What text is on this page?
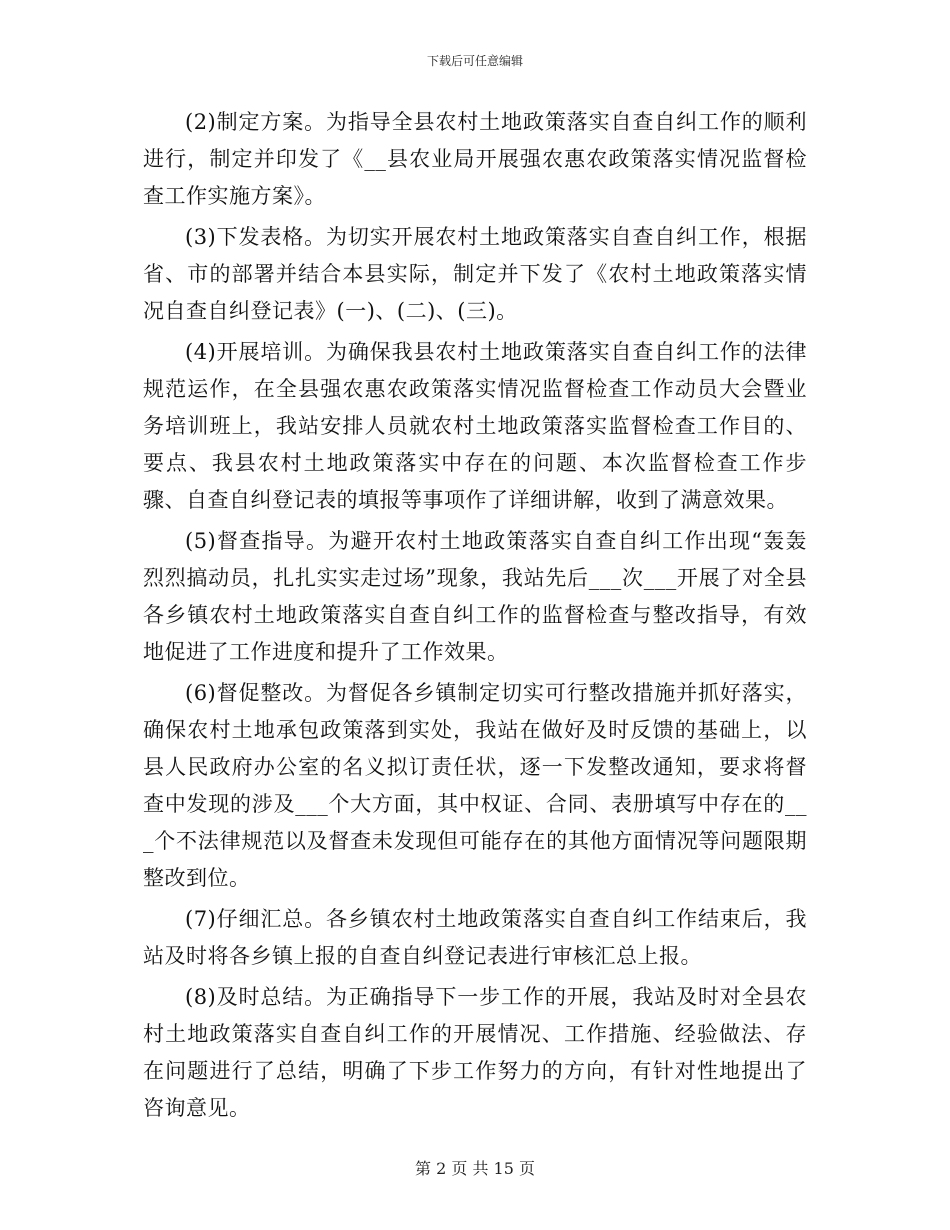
下载后可任意编辑

(2)制定方案。为指导全县农村土地政策落实自查自纠工作的顺利进行，制定并印发了《__县农业局开展强农惠农政策落实情况监督检查工作实施方案》。

(3)下发表格。为切实开展农村土地政策落实自查自纠工作，根据省、市的部署并结合本县实际，制定并下发了《农村土地政策落实情况自查自纠登记表》(一)、(二)、(三)。

(4)开展培训。为确保我县农村土地政策落实自查自纠工作的法律规范运作，在全县强农惠农政策落实情况监督检查工作动员大会暨业务培训班上，我站安排人员就农村土地政策落实监督检查工作目的、要点、我县农村土地政策落实中存在的问题、本次监督检查工作步骤、自查自纠登记表的填报等事项作了详细讲解，收到了满意效果。

(5)督查指导。为避开农村土地政策落实自查自纠工作出现“轰轰烈烈搞动员，扎扎实实走过场”现象，我站先后___次___开展了对全县各乡镇农村土地政策落实自查自纠工作的监督检查与整改指导，有效地促进了工作进度和提升了工作效果。

(6)督促整改。为督促各乡镇制定切实可行整改措施并抓好落实，确保农村土地承包政策落到实处，我站在做好及时反馈的基础上，以县人民政府办公室的名义拟订责任状，逐一下发整改通知，要求将督查中发现的涉及___个大方面，其中权证、合同、表册填写中存在的___个不法律规范以及督查未发现但可能存在的其他方面情况等问题限期整改到位。

(7)仔细汇总。各乡镇农村土地政策落实自查自纠工作结束后，我站及时将各乡镇上报的自查自纠登记表进行审核汇总上报。

(8)及时总结。为正确指导下一步工作的开展，我站及时对全县农村土地政策落实自查自纠工作的开展情况、工作措施、经验做法、存在问题进行了总结，明确了下步工作努力的方向，有针对性地提出了咨询意见。

第 2 页 共 15 页
